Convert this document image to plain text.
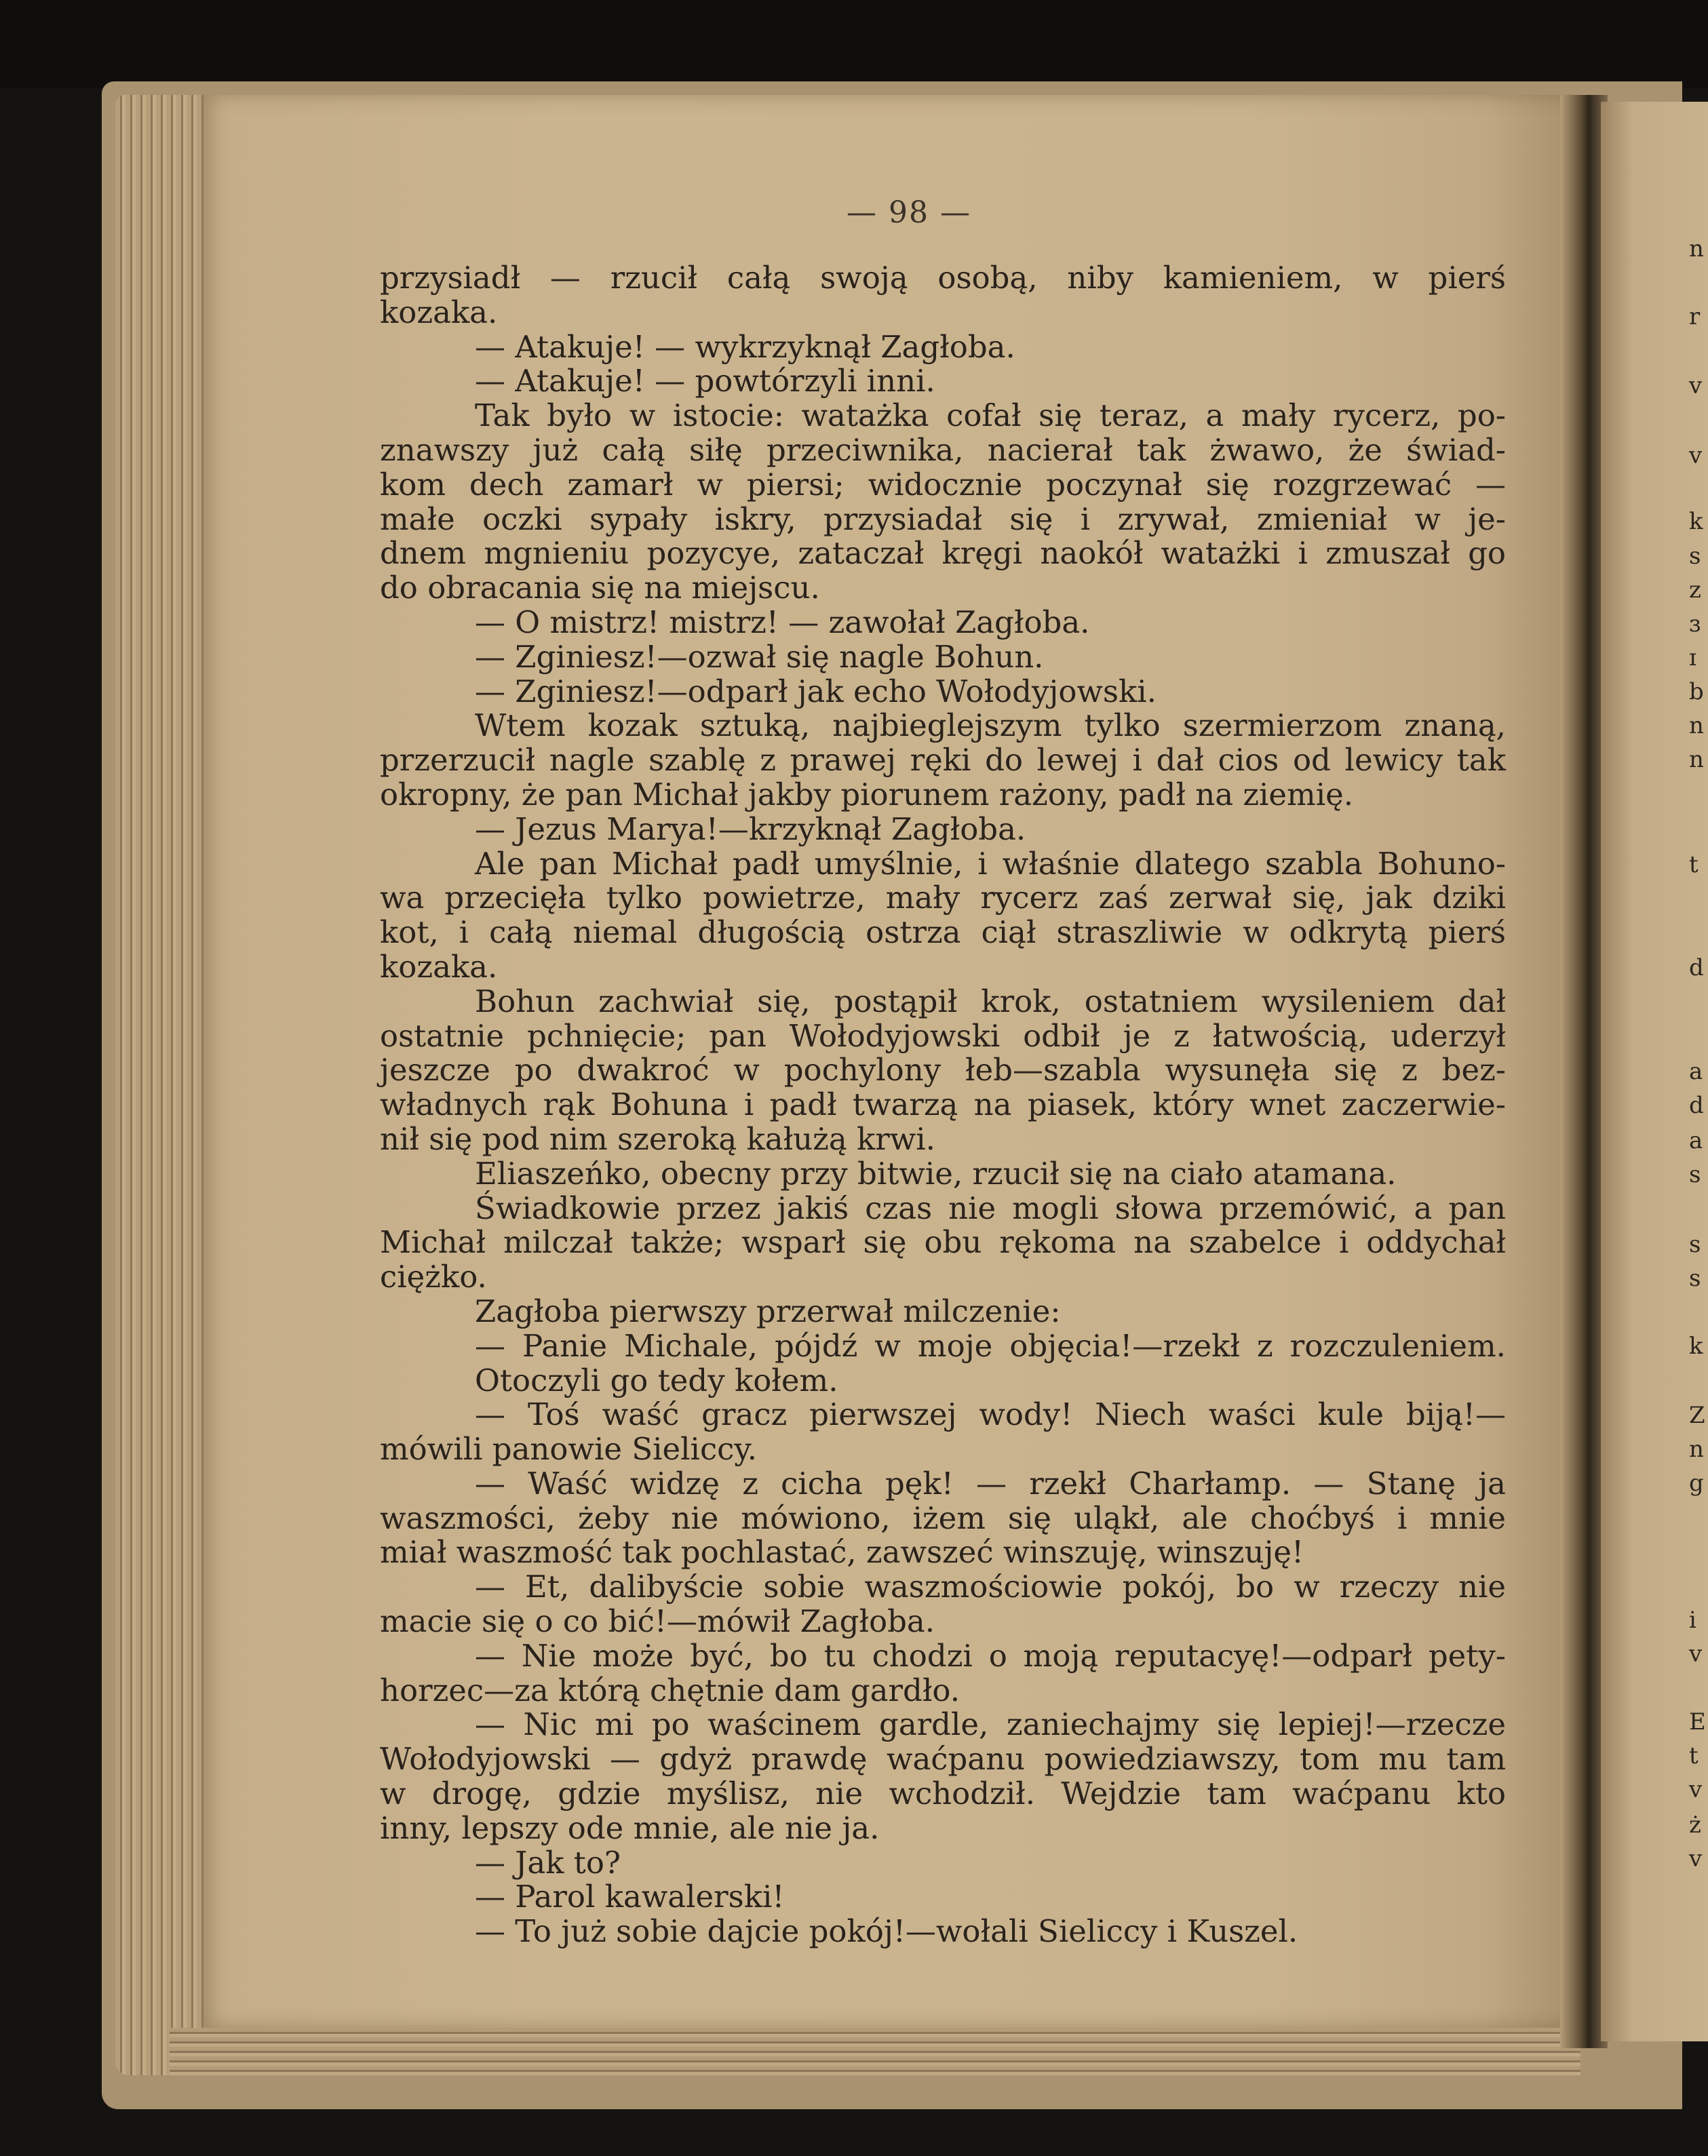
— 98 —

przysiadł — rzucił całą swoją osobą, niby kamieniem, w pierś

kozaka.

— Atakuje! — wykrzyknął Zagłoba.

— Atakuje! — powtórzyli inni.

Tak było w istocie: watażka cofał się teraz, a mały rycerz, po-

znawszy już całą siłę przeciwnika, nacierał tak żwawo, że świad-

kom dech zamarł w piersi; widocznie poczynał się rozgrzewać —

małe oczki sypały iskry, przysiadał się i zrywał, zmieniał w je-

dnem mgnieniu pozycye, zataczał kręgi naokół watażki i zmuszał go

do obracania się na miejscu.

— O mistrz! mistrz! — zawołał Zagłoba.

— Zginiesz!—ozwał się nagle Bohun.

— Zginiesz!—odparł jak echo Wołodyjowski.

Wtem kozak sztuką, najbieglejszym tylko szermierzom znaną,

przerzucił nagle szablę z prawej ręki do lewej i dał cios od lewicy tak

okropny, że pan Michał jakby piorunem rażony, padł na ziemię.

— Jezus Marya!—krzyknął Zagłoba.

Ale pan Michał padł umyślnie, i właśnie dlatego szabla Bohuno-

wa przecięła tylko powietrze, mały rycerz zaś zerwał się, jak dziki

kot, i całą niemal długością ostrza ciął straszliwie w odkrytą pierś

kozaka.

Bohun zachwiał się, postąpił krok, ostatniem wysileniem dał

ostatnie pchnięcie; pan Wołodyjowski odbił je z łatwością, uderzył

jeszcze po dwakroć w pochylony łeb—szabla wysunęła się z bez-

władnych rąk Bohuna i padł twarzą na piasek, który wnet zaczerwie-

nił się pod nim szeroką kałużą krwi.

Eliaszeńko, obecny przy bitwie, rzucił się na ciało atamana.

Świadkowie przez jakiś czas nie mogli słowa przemówić, a pan

Michał milczał także; wsparł się obu rękoma na szabelce i oddychał

ciężko.

Zagłoba pierwszy przerwał milczenie:

— Panie Michale, pójdź w moje objęcia!—rzekł z rozczuleniem.

Otoczyli go tedy kołem.

— Toś waść gracz pierwszej wody! Niech waści kule biją!—

mówili panowie Sieliccy.

— Waść widzę z cicha pęk! — rzekł Charłamp. — Stanę ja

waszmości, żeby nie mówiono, iżem się uląkł, ale choćbyś i mnie

miał waszmość tak pochlastać, zawszeć winszuję, winszuję!

— Et, dalibyście sobie waszmościowie pokój, bo w rzeczy nie

macie się o co bić!—mówił Zagłoba.

— Nie może być, bo tu chodzi o moją reputacyę!—odparł pety-

horzec—za którą chętnie dam gardło.

— Nic mi po waścinem gardle, zaniechajmy się lepiej!—rzecze

Wołodyjowski — gdyż prawdę waćpanu powiedziawszy, tom mu tam

w drogę, gdzie myślisz, nie wchodził. Wejdzie tam waćpanu kto

inny, lepszy ode mnie, ale nie ja.

— Jak to?

— Parol kawalerski!

— To już sobie dajcie pokój!—wołali Sieliccy i Kuszel.

n
r
v
v
k
s
z
ɜ
ɪ
b
n
n
t
d
a
d
a
s
s
s
k
Z
n
g
i
v
E
t
v
ż
v
